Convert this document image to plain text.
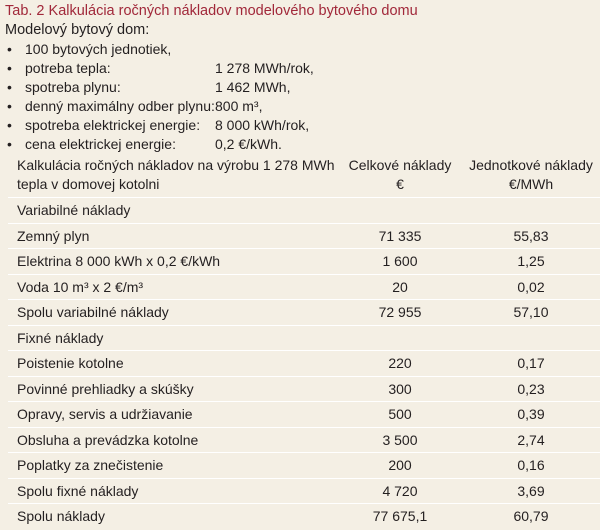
Tab. 2 Kalkulácia ročných nákladov modelového bytového domu
Modelový bytový dom:
• 100 bytových jednotiek,
• potreba tepla:	1 278 MWh/rok,
• spotreba plynu:	1 462 MWh,
• denný maximálny odber plynu: 800 m³,
• spotreba elektrickej energie: 8 000 kWh/rok,
• cena elektrickej energie:	0,2 €/kWh.
Kalkulácia ročných nákladov na výrobu 1 278 MWh
tepla v domovej kotolni
Celkové náklady
€
Jednotkové náklady
€/MWh
Variabilné náklady
Zemný plyn	71 335	55,83
Elektrina 8 000 kWh x 0,2 €/kWh	1 600	1,25
Voda 10 m³ x 2 €/m³	20	0,02
Spolu variabilné náklady	72 955	57,10
Fixné náklady
Poistenie kotolne	220	0,17
Povinné prehliadky a skúšky	300	0,23
Opravy, servis a udržiavanie	500	0,39
Obsluha a prevádzka kotolne	3 500	2,74
Poplatky za znečistenie	200	0,16
Spolu fixné náklady	4 720	3,69
Spolu náklady	77 675,1	60,79
